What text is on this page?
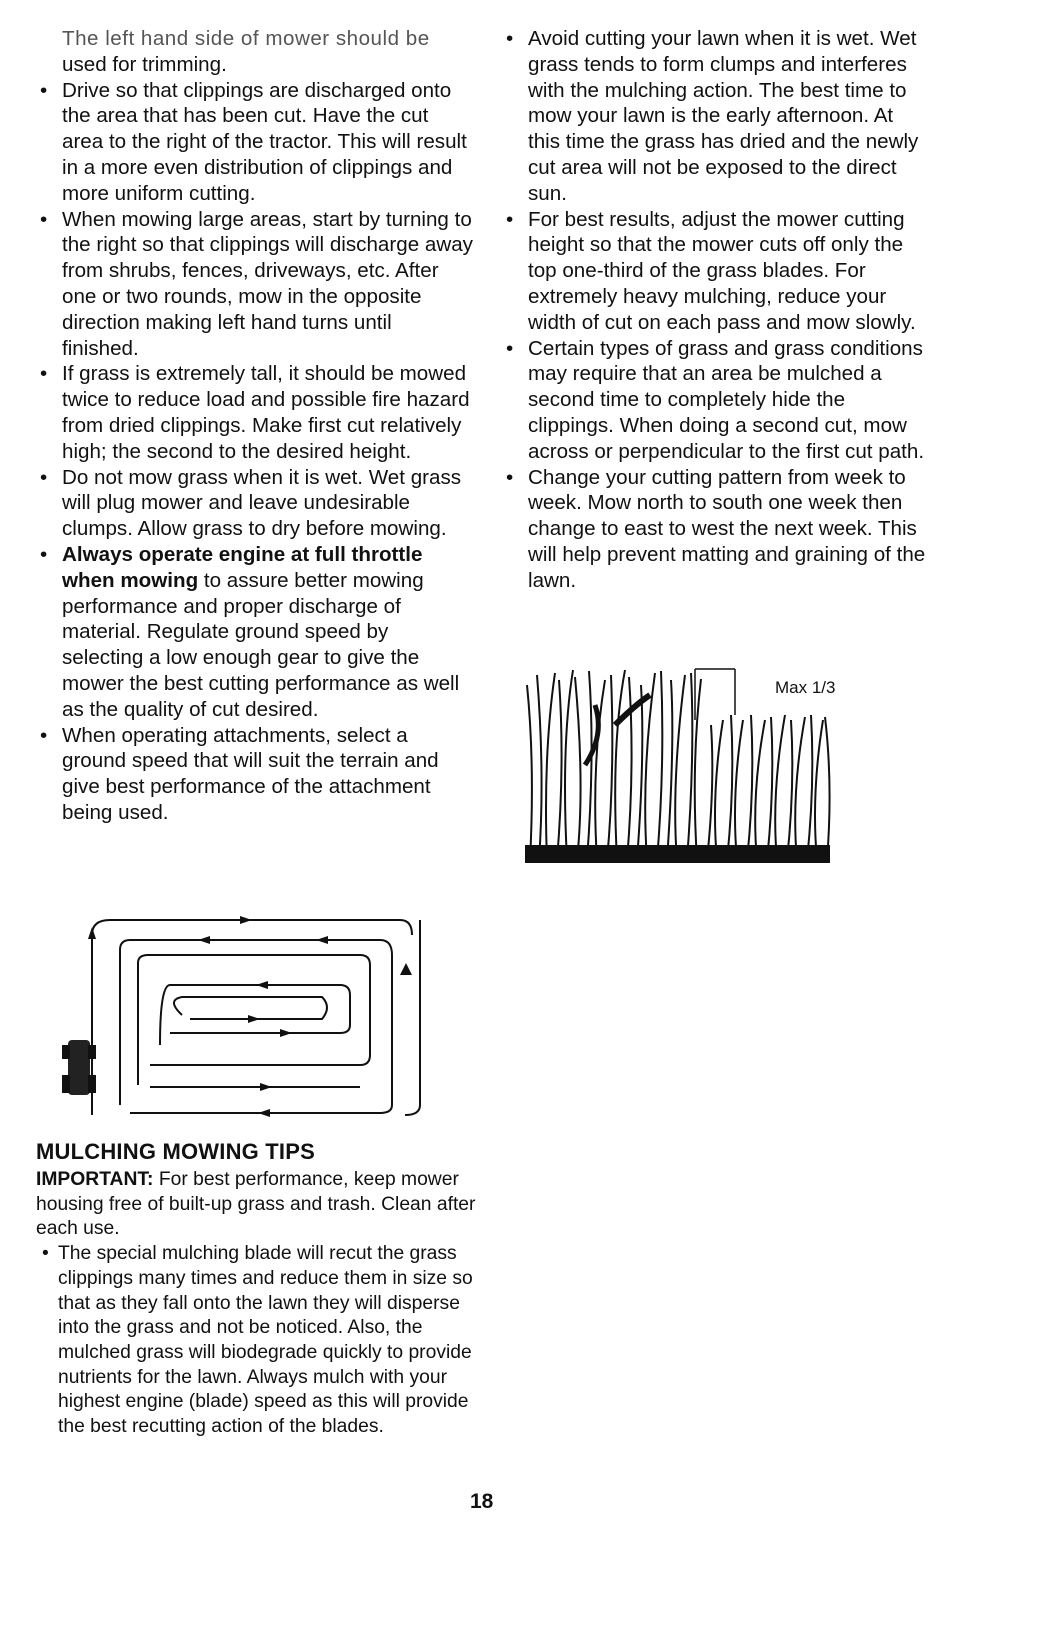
The left hand side of mower should be
used for trimming.
• Drive so that clippings are discharged onto the area that has been cut. Have the cut area to the right of the tractor. This will result in a more even distribution of clippings and more uniform cutting.
• When mowing large areas, start by turning to the right so that clippings will discharge away from shrubs, fences, driveways, etc. After one or two rounds, mow in the opposite direction making left hand turns until finished.
• If grass is extremely tall, it should be mowed twice to reduce load and possible fire hazard from dried clippings. Make first cut relatively high; the second to the desired height.
• Do not mow grass when it is wet. Wet grass will plug mower and leave undesirable clumps. Allow grass to dry before mowing.
• Always operate engine at full throttle when mowing to assure better mowing performance and proper discharge of material. Regulate ground speed by selecting a low enough gear to give the mower the best cutting performance as well as the quality of cut desired.
• When operating attachments, select a ground speed that will suit the terrain and give best performance of the attachment being used.
• Avoid cutting your lawn when it is wet. Wet grass tends to form clumps and interferes with the mulching action. The best time to mow your lawn is the early afternoon. At this time the grass has dried and the newly cut area will not be exposed to the direct sun.
• For best results, adjust the mower cutting height so that the mower cuts off only the top one-third of the grass blades. For extremely heavy mulching, reduce your width of cut on each pass and mow slowly.
• Certain types of grass and grass conditions may require that an area be mulched a second time to completely hide the clippings. When doing a second cut, mow across or perpendicular to the first cut path.
• Change your cutting pattern from week to week. Mow north to south one week then change to east to west the next week. This will help prevent matting and graining of the lawn.
Max 1/3
MULCHING MOWING TIPS

IMPORTANT: For best performance, keep mower housing free of built-up grass and trash. Clean after each use.

• The special mulching blade will recut the grass clippings many times and reduce them in size so that as they fall onto the lawn they will disperse into the grass and not be noticed. Also, the mulched grass will biodegrade quickly to provide nutrients for the lawn. Always mulch with your highest engine (blade) speed as this will provide the best recutting action of the blades.
18
